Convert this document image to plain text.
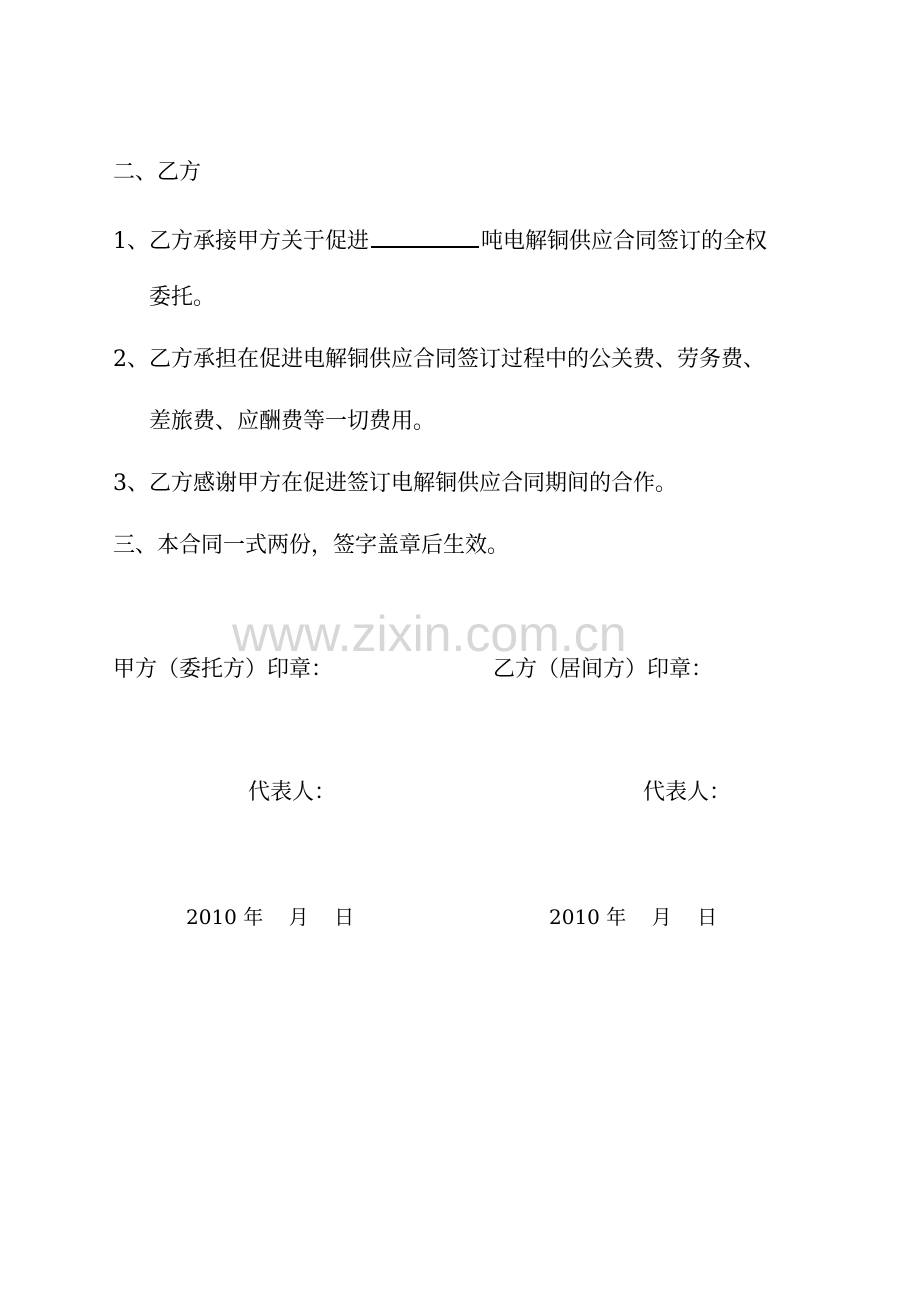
二、乙方
1、乙方承接甲方关于促进	吨电解铜供应合同签订的全权
委托。
2、乙方承担在促进电解铜供应合同签订过程中的公关费、劳务费、
差旅费、应酬费等一切费用。
3、乙方感谢甲方在促进签订电解铜供应合同期间的合作。
三、本合同一式两份，签字盖章后生效。
www.zixin.com.cn
甲方（委托方）印章：	乙方（居间方）印章：
代表人：	代表人：
2010 年    月    日	2010 年    月    日
